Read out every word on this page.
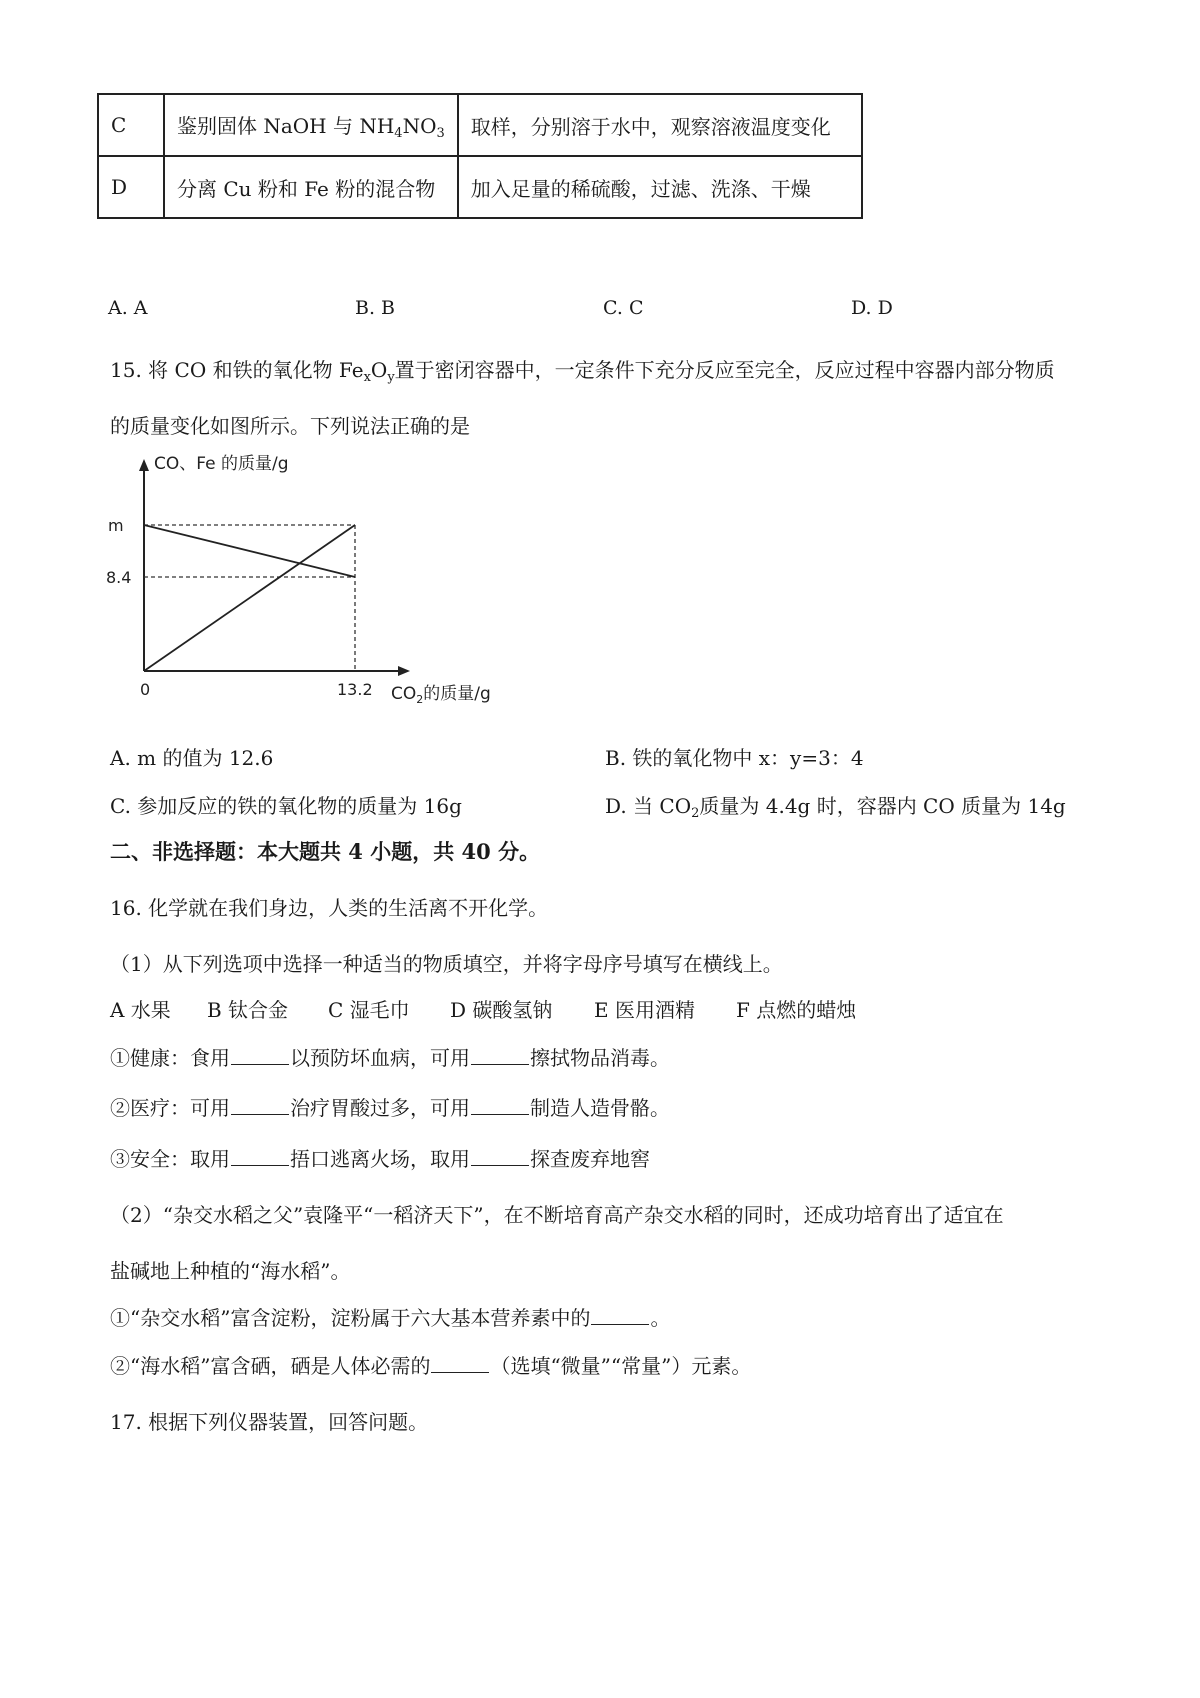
C	鉴别固体 NaOH 与 $NH_4NO_3$	取样，分别溶于水中，观察溶液温度变化
D	分离 Cu 粉和 Fe 粉的混合物	加入足量的稀硫酸，过滤、洗涤、干燥
A. A	B. B	C. C	D. D
15. 将 CO 和铁的氧化物 $Fe_xO_y$置于密闭容器中，一定条件下充分反应至完全，反应过程中容器内部分物质
的质量变化如图所示。下列说法正确的是
CO、Fe 的质量/g
m
8.4
0	13.2 $CO_2$的质量/g
A. m 的值为 12.6	B. 铁的氧化物中 x：y=3：4
C. 参加反应的铁的氧化物的质量为 16g	D. 当 $CO_2$质量为 4.4g 时，容器内 CO 质量为 14g
二、非选择题：本大题共 4 小题，共 40 分。
16. 化学就在我们身边，人类的生活离不开化学。
（1）从下列选项中选择一种适当的物质填空，并将字母序号填写在横线上。
A 水果 B 钛合金 C 湿毛巾 D 碳酸氢钠 E 医用酒精 F 点燃的蜡烛
①健康：食用	以预防坏血病，可用	擦拭物品消毒。
②医疗：可用	治疗胃酸过多，可用	制造人造骨骼。
③安全：取用	捂口逃离火场，取用	探查废弃地窖
（2）“杂交水稻之父”袁隆平“一稻济天下”，在不断培育高产杂交水稻的同时，还成功培育出了适宜在
盐碱地上种植的“海水稻”。
①“杂交水稻”富含淀粉，淀粉属于六大基本营养素中的	。
②“海水稻”富含硒，硒是人体必需的	（选填“微量”“常量”）元素。
17. 根据下列仪器装置，回答问题。
